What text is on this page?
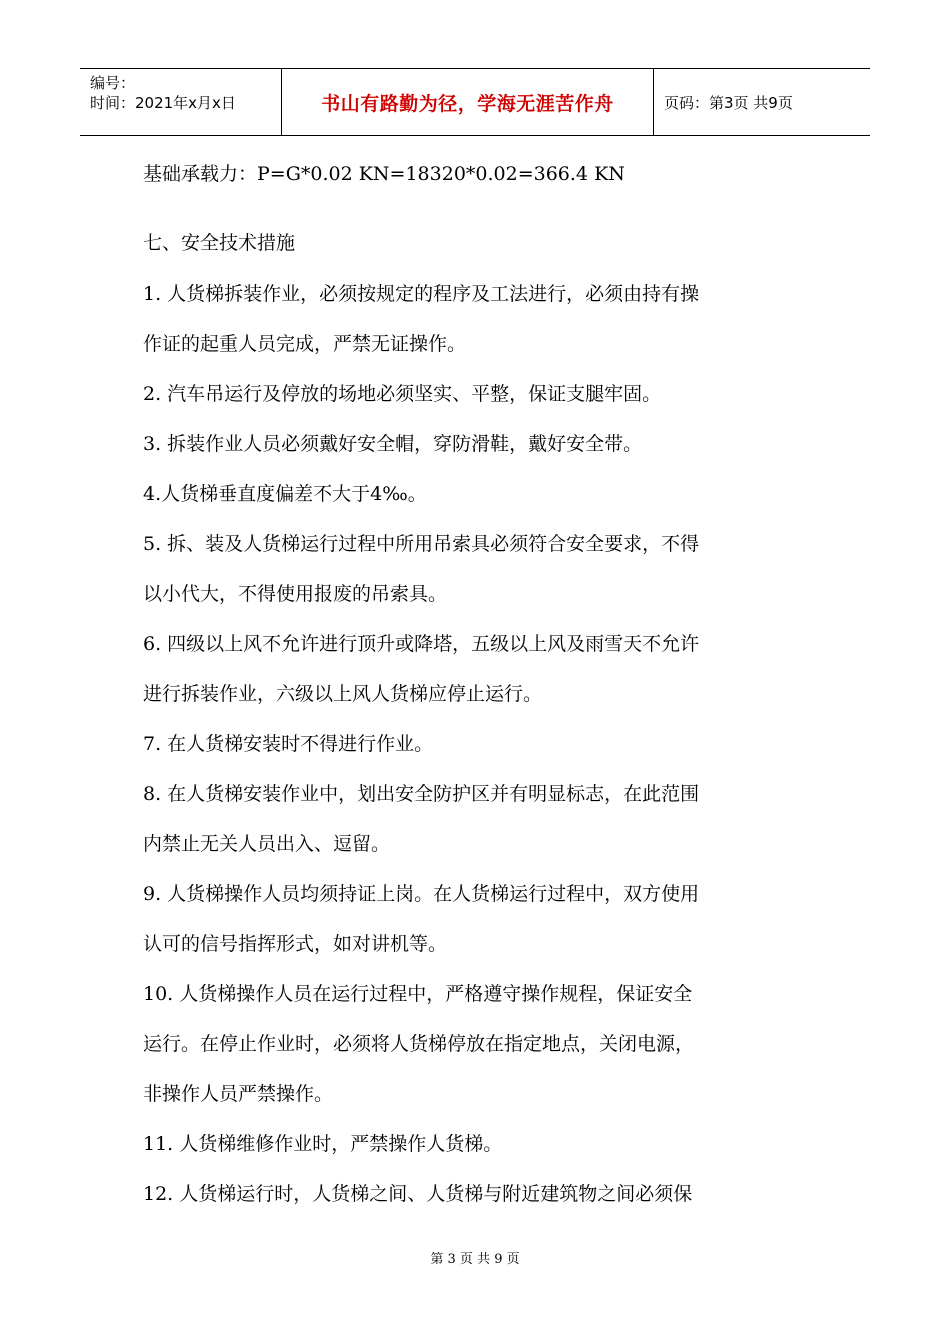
编号：
时间：2021年x月x日	书山有路勤为径，学海无涯苦作舟	页码：第3页 共9页
基础承载力：P=G*0.02 KN=18320*0.02=366.4 KN
七、安全技术措施
1. 人货梯拆装作业，必须按规定的程序及工法进行，必须由持有操
作证的起重人员完成，严禁无证操作。
2. 汽车吊运行及停放的场地必须坚实、平整，保证支腿牢固。
3. 拆装作业人员必须戴好安全帽，穿防滑鞋，戴好安全带。
4.人货梯垂直度偏差不大于4‰。
5. 拆、装及人货梯运行过程中所用吊索具必须符合安全要求，不得
以小代大，不得使用报废的吊索具。
6. 四级以上风不允许进行顶升或降塔，五级以上风及雨雪天不允许
进行拆装作业，六级以上风人货梯应停止运行。
7. 在人货梯安装时不得进行作业。
8. 在人货梯安装作业中，划出安全防护区并有明显标志，在此范围
内禁止无关人员出入、逗留。
9. 人货梯操作人员均须持证上岗。在人货梯运行过程中，双方使用
认可的信号指挥形式，如对讲机等。
10. 人货梯操作人员在运行过程中，严格遵守操作规程，保证安全
运行。在停止作业时，必须将人货梯停放在指定地点，关闭电源，
非操作人员严禁操作。
11. 人货梯维修作业时，严禁操作人货梯。
12. 人货梯运行时，人货梯之间、人货梯与附近建筑物之间必须保
第 3 页 共 9 页
